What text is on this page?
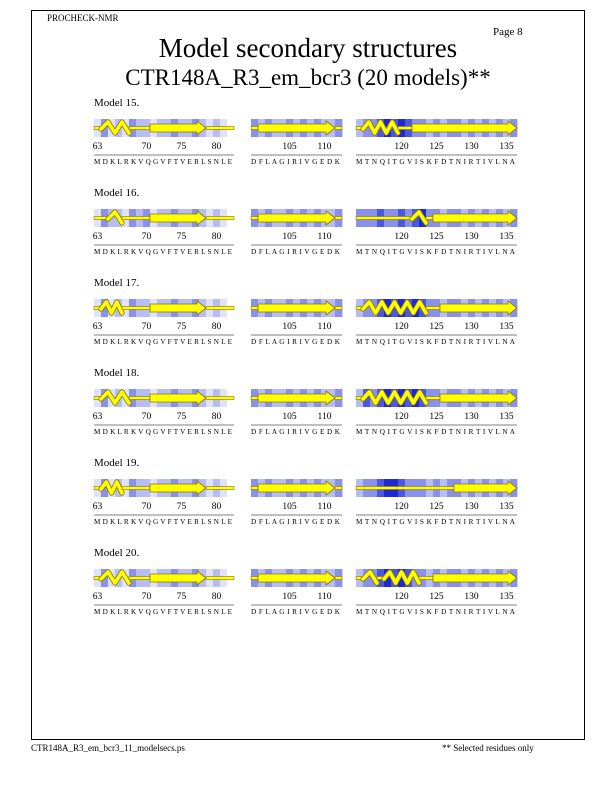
PROCHECK-NMR
Page 8
Model secondary structures
CTR148A_R3_em_bcr3 (20 models)**
Model 15.
63	70	75	80
M D K L R K V Q G V F T V E R L S N L E
105 110
D F L A G I R I V G E D K
120 125 130 135
M T N Q I T G V I S K F D T N I R T I V L N A
Model 16.
63	70	75	80
M D K L R K V Q G V F T V E R L S N L E
105 110
D F L A G I R I V G E D K
120 125 130 135
M T N Q I T G V I S K F D T N I R T I V L N A
Model 17.
63	70	75	80
M D K L R K V Q G V F T V E R L S N L E
105 110
D F L A G I R I V G E D K
120 125 130 135
M T N Q I T G V I S K F D T N I R T I V L N A
Model 18.
63	70	75	80
M D K L R K V Q G V F T V E R L S N L E
105 110
D F L A G I R I V G E D K
120 125 130 135
M T N Q I T G V I S K F D T N I R T I V L N A
Model 19.
63	70	75	80
M D K L R K V Q G V F T V E R L S N L E
105 110
D F L A G I R I V G E D K
120 125 130 135
M T N Q I T G V I S K F D T N I R T I V L N A
Model 20.
63	70	75	80
M D K L R K V Q G V F T V E R L S N L E
105 110
D F L A G I R I V G E D K
120 125 130 135
M T N Q I T G V I S K F D T N I R T I V L N A
CTR148A_R3_em_bcr3_11_modelsecs.ps	** Selected residues only
